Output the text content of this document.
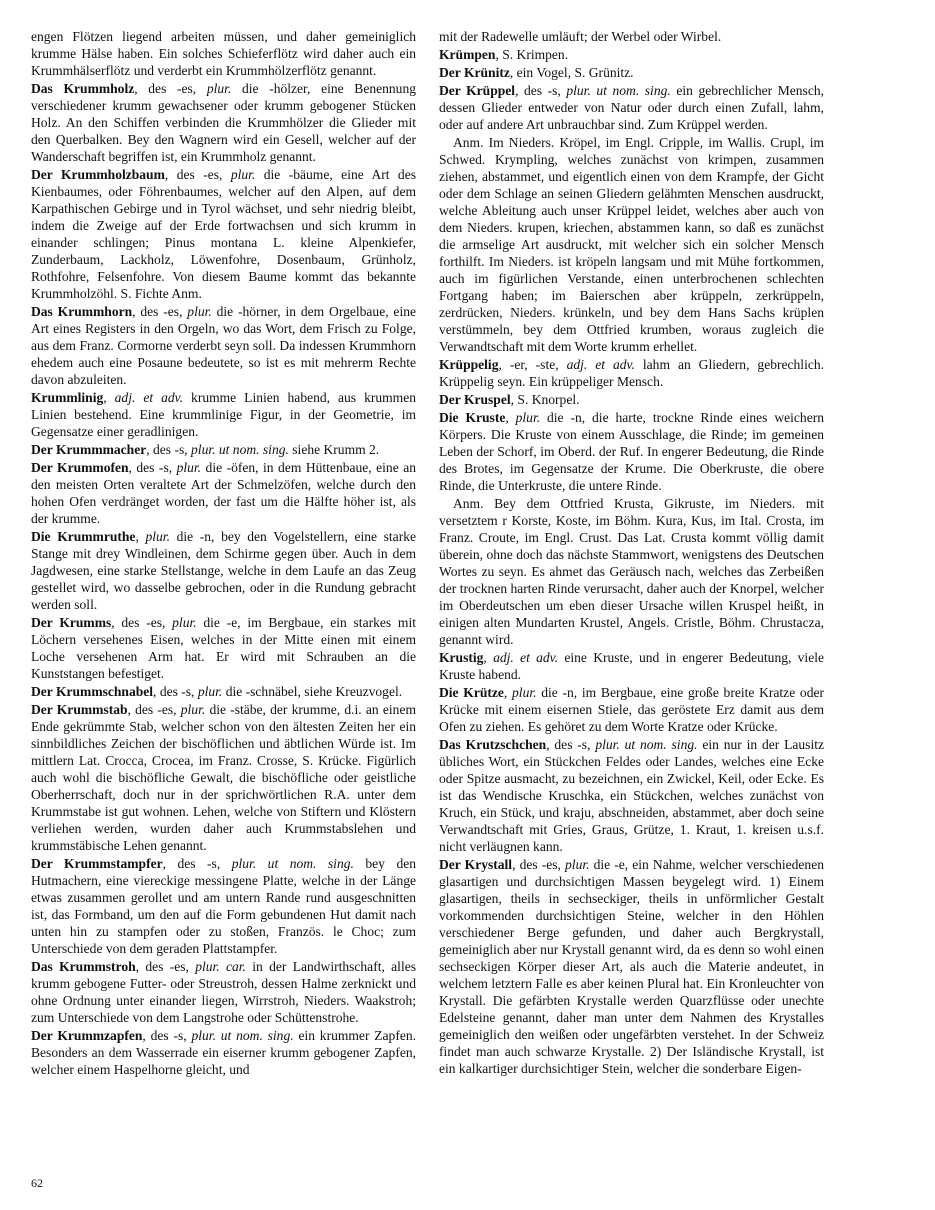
engen Flötzen liegend arbeiten müssen, und daher gemeiniglich krumme Hälse haben. Ein solches Schieferflötz wird daher auch ein Krummhälserflötz und verderbt ein Krummhölzerflötz genannt.
Das Krummholz, des -es, plur. die -hölzer, eine Benennung verschiedener krumm gewachsener oder krumm gebogener Stücken Holz. An den Schiffen verbinden die Krummhölzer die Glieder mit den Querbalken. Bey den Wagnern wird ein Gesell, welcher auf der Wanderschaft begriffen ist, ein Krummholz genannt.
Der Krummholzbaum, des -es, plur. die -bäume, eine Art des Kienbaumes, oder Föhrenbaumes, welcher auf den Alpen, auf dem Karpathischen Gebirge und in Tyrol wächset, und sehr niedrig bleibt, indem die Zweige auf der Erde fortwachsen und sich krumm in einander schlingen; Pinus montana L. kleine Alpenkiefer, Zunderbaum, Lackholz, Löwenfohre, Dosenbaum, Grünholz, Rothfohre, Felsenfohre. Von diesem Baume kommt das bekannte Krummholzöhl. S. Fichte Anm.
Das Krummhorn, des -es, plur. die -hörner, in dem Orgelbaue, eine Art eines Registers in den Orgeln, wo das Wort, dem Frisch zu Folge, aus dem Franz. Cormorne verderbt seyn soll. Da indessen Krummhorn ehedem auch eine Posaune bedeutete, so ist es mit mehrerm Rechte davon abzuleiten.
Krummlinig, adj. et adv. krumme Linien habend, aus krummen Linien bestehend. Eine krummlinige Figur, in der Geometrie, im Gegensatze einer geradlinigen.
Der Krummmacher, des -s, plur. ut nom. sing. siehe Krumm 2.
Der Krummofen, des -s, plur. die -öfen, in dem Hüttenbaue, eine an den meisten Orten veraltete Art der Schmelzöfen, welche durch den hohen Ofen verdränget worden, der fast um die Hälfte höher ist, als der krumme.
Die Krummruthe, plur. die -n, bey den Vogelstellern, eine starke Stange mit drey Windleinen, dem Schirme gegen über. Auch in dem Jagdwesen, eine starke Stellstange, welche in dem Laufe an das Zeug gestellet wird, wo dasselbe gebrochen, oder in die Rundung gebracht werden soll.
Der Krumms, des -es, plur. die -e, im Bergbaue, ein starkes mit Löchern versehenes Eisen, welches in der Mitte einen mit einem Loche versehenen Arm hat. Er wird mit Schrauben an die Kunststangen befestiget.
Der Krummschnabel, des -s, plur. die -schnäbel, siehe Kreuzvogel.
Der Krummstab, des -es, plur. die -stäbe, der krumme, d.i. an einem Ende gekrümmte Stab, welcher schon von den ältesten Zeiten her ein sinnbildliches Zeichen der bischöflichen und äbtlichen Würde ist. Im mittlern Lat. Crocca, Crocea, im Franz. Crosse, S. Krücke. Figürlich auch wohl die bischöfliche Gewalt, die bischöfliche oder geistliche Oberherrschaft, doch nur in der sprichwörtlichen R.A. unter dem Krummstabe ist gut wohnen. Lehen, welche von Stiftern und Klöstern verliehen werden, wurden daher auch Krummstabslehen und krummstäbische Lehen genannt.
Der Krummstampfer, des -s, plur. ut nom. sing. bey den Hutmachern, eine viereckige messingene Platte, welche in der Länge etwas zusammen gerollet und am untern Rande rund ausgeschnitten ist, das Formband, um den auf die Form gebundenen Hut damit nach unten hin zu stampfen oder zu stoßen, Französ. le Choc; zum Unterschiede von dem geraden Plattstampfer.
Das Krummstroh, des -es, plur. car. in der Landwirthschaft, alles krumm gebogene Futter- oder Streustroh, dessen Halme zerknickt und ohne Ordnung unter einander liegen, Wirrstroh, Nieders. Waakstroh; zum Unterschiede von dem Langstrohe oder Schüttenstrohe.
Der Krummzapfen, des -s, plur. ut nom. sing. ein krummer Zapfen. Besonders an dem Wasserrade ein eiserner krumm gebogener Zapfen, welcher einem Haspelhorne gleicht, und
mit der Radewelle umläuft; der Werbel oder Wirbel.
Krümpen, S. Krimpen.
Der Krünitz, ein Vogel, S. Grünitz.
Der Krüppel, des -s, plur. ut nom. sing. ein gebrechlicher Mensch, dessen Glieder entweder von Natur oder durch einen Zufall, lahm, oder auf andere Art unbrauchbar sind. Zum Krüppel werden.
Anm. Im Nieders. Kröpel, im Engl. Cripple, im Wallis. Crupl, im Schwed. Krympling, welches zunächst von krimpen, zusammen ziehen, abstammet, und eigentlich einen von dem Krampfe, der Gicht oder dem Schlage an seinen Gliedern gelähmten Menschen ausdruckt, welche Ableitung auch unser Krüppel leidet, welches aber auch von dem Nieders. krupen, kriechen, abstammen kann, so daß es zunächst die armselige Art ausdruckt, mit welcher sich ein solcher Mensch forthilft. Im Nieders. ist kröpeln langsam und mit Mühe fortkommen, auch im figürlichen Verstande, einen unterbrochenen schlechten Fortgang haben; im Baierschen aber krüppeln, zerkrüppeln, zerdrücken, Nieders. krünkeln, und bey dem Hans Sachs krüplen verstümmeln, bey dem Ottfried krumben, woraus zugleich die Verwandtschaft mit dem Worte krumm erhellet.
Krüppelig, -er, -ste, adj. et adv. lahm an Gliedern, gebrechlich. Krüppelig seyn. Ein krüppeliger Mensch.
Der Kruspel, S. Knorpel.
Die Kruste, plur. die -n, die harte, trockne Rinde eines weichern Körpers. Die Kruste von einem Ausschlage, die Rinde; im gemeinen Leben der Schorf, im Oberd. der Ruf. In engerer Bedeutung, die Rinde des Brotes, im Gegensatze der Krume. Die Oberkruste, die obere Rinde, die Unterkruste, die untere Rinde.
Anm. Bey dem Ottfried Krusta, Gikruste, im Nieders. mit versetztem r Korste, Koste, im Böhm. Kura, Kus, im Ital. Crosta, im Franz. Croute, im Engl. Crust. Das Lat. Crusta kommt völlig damit überein, ohne doch das nächste Stammwort, wenigstens des Deutschen Wortes zu seyn. Es ahmet das Geräusch nach, welches das Zerbeißen der trocknen harten Rinde verursacht, daher auch der Knorpel, welcher im Oberdeutschen um eben dieser Ursache willen Kruspel heißt, in einigen alten Mundarten Krustel, Angels. Cristle, Böhm. Chrustacza, genannt wird.
Krustig, adj. et adv. eine Kruste, und in engerer Bedeutung, viele Kruste habend.
Die Krütze, plur. die -n, im Bergbaue, eine große breite Kratze oder Krücke mit einem eisernen Stiele, das geröstete Erz damit aus dem Ofen zu ziehen. Es gehöret zu dem Worte Kratze oder Krücke.
Das Krutzschchen, des -s, plur. ut nom. sing. ein nur in der Lausitz übliches Wort, ein Stückchen Feldes oder Landes, welches eine Ecke oder Spitze ausmacht, zu bezeichnen, ein Zwickel, Keil, oder Ecke. Es ist das Wendische Kruschka, ein Stückchen, welches zunächst von Kruch, ein Stück, und kraju, abschneiden, abstammet, aber doch seine Verwandtschaft mit Gries, Graus, Grütze, 1. Kraut, 1. kreisen u.s.f. nicht verläugnen kann.
Der Krystall, des -es, plur. die -e, ein Nahme, welcher verschiedenen glasartigen und durchsichtigen Massen beygelegt wird. 1) Einem glasartigen, theils in sechseckiger, theils in unförmlicher Gestalt vorkommenden durchsichtigen Steine, welcher in den Höhlen verschiedener Berge gefunden, und daher auch Bergkrystall, gemeiniglich aber nur Krystall genannt wird, da es denn so wohl einen sechseckigen Körper dieser Art, als auch die Materie andeutet, in welchem letztern Falle es aber keinen Plural hat. Ein Kronleuchter von Krystall. Die gefärbten Krystalle werden Quarzflüsse oder unechte Edelsteine genannt, daher man unter dem Nahmen des Krystalles gemeiniglich den weißen oder ungefärbten verstehet. In der Schweiz findet man auch schwarze Krystalle. 2) Der Isländische Krystall, ist ein kalkartiger durchsichtiger Stein, welcher die sonderbare Eigen-
62
